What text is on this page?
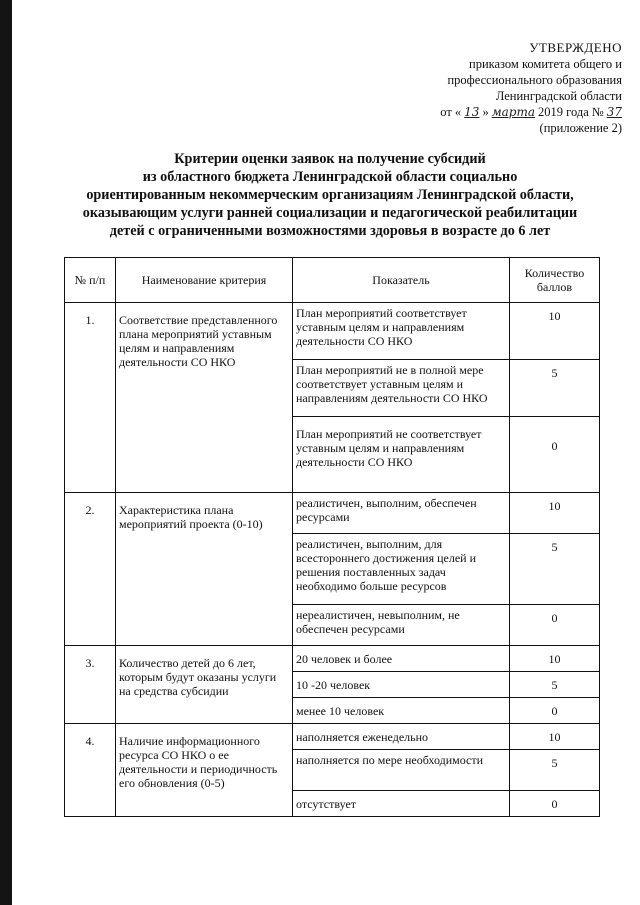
УТВЕРЖДЕНО
приказом комитета общего и
профессионального образования
Ленинградской области
от « 13 » марта 2019 года № 37
(приложение 2)
Критерии оценки заявок на получение субсидий
из областного бюджета Ленинградской области социально
ориентированным некоммерческим организациям Ленинградской области,
оказывающим услуги ранней социализации и педагогической реабилитации
детей с ограниченными возможностями здоровья в возрасте до 6 лет
№ п/п	Наименование критерия	Показатель	Количество баллов
1.	Соответствие представленного плана мероприятий уставным целям и направлениям деятельности СО НКО	План мероприятий соответствует уставным целям и направлениям деятельности СО НКО	10
		План мероприятий не в полной мере соответствует уставным целям и направлениям деятельности СО НКО	5
		План мероприятий не соответствует уставным целям и направлениям деятельности СО НКО	0
2.	Характеристика плана мероприятий проекта (0-10)	реалистичен, выполним, обеспечен ресурсами	10
		реалистичен, выполним, для всестороннего достижения целей и решения поставленных задач необходимо больше ресурсов	5
		нереалистичен, невыполним, не обеспечен ресурсами	0
3.	Количество детей до 6 лет, которым будут оказаны услуги на средства субсидии	20 человек и более	10
		10 -20 человек	5
		менее 10 человек	0
4.	Наличие информационного ресурса СО НКО о ее деятельности и периодичность его обновления (0-5)	наполняется еженедельно	10
		наполняется по мере необходимости	5
		отсутствует	0
